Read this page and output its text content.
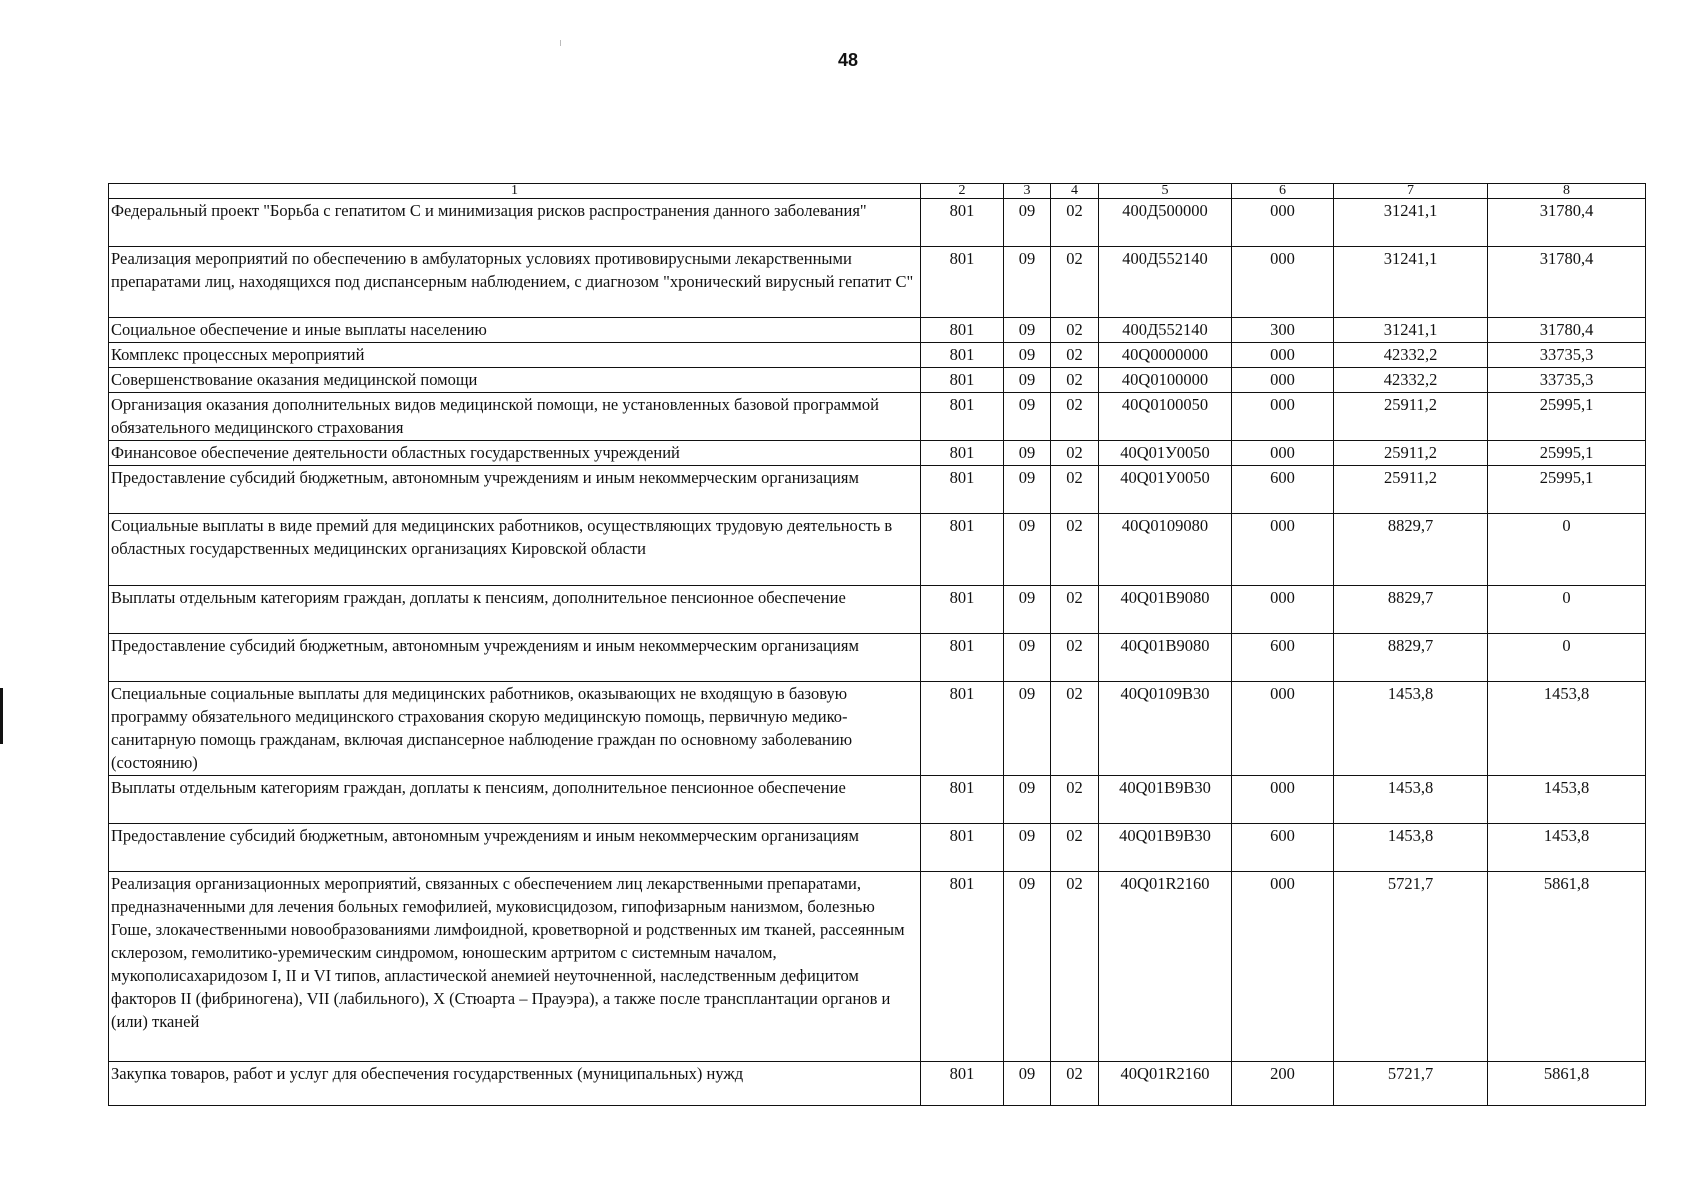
48
1	2	3	4	5	6	7	8
Федеральный проект "Борьба с гепатитом С и минимизация рисков распространения данного заболевания"	801	09	02	400Д500000	000	31241,1	31780,4
Реализация мероприятий по обеспечению в амбулаторных условиях противовирусными лекарственными препаратами лиц, находящихся под диспансерным наблюдением, с диагнозом "хронический вирусный гепатит С"	801	09	02	400Д552140	000	31241,1	31780,4
Социальное обеспечение и иные выплаты населению	801	09	02	400Д552140	300	31241,1	31780,4
Комплекс процессных мероприятий	801	09	02	40Q0000000	000	42332,2	33735,3
Совершенствование оказания медицинской помощи	801	09	02	40Q0100000	000	42332,2	33735,3
Организация оказания дополнительных видов медицинской помощи, не установленных базовой программой обязательного медицинского страхования	801	09	02	40Q0100050	000	25911,2	25995,1
Финансовое обеспечение деятельности областных государственных учреждений	801	09	02	40Q01У0050	000	25911,2	25995,1
Предоставление субсидий бюджетным, автономным учреждениям и иным некоммерческим организациям	801	09	02	40Q01У0050	600	25911,2	25995,1
Социальные выплаты в виде премий для медицинских работников, осуществляющих трудовую деятельность в областных государственных медицинских организациях Кировской области	801	09	02	40Q0109080	000	8829,7	0
Выплаты отдельным категориям граждан, доплаты к пенсиям, дополнительное пенсионное обеспечение	801	09	02	40Q01B9080	000	8829,7	0
Предоставление субсидий бюджетным, автономным учреждениям и иным некоммерческим организациям	801	09	02	40Q01B9080	600	8829,7	0
Специальные социальные выплаты для медицинских работников, оказывающих не входящую в базовую программу обязательного медицинского страхования скорую медицинскую помощь, первичную медико-санитарную помощь гражданам, включая диспансерное наблюдение граждан по основному заболеванию (состоянию)	801	09	02	40Q0109B30	000	1453,8	1453,8
Выплаты отдельным категориям граждан, доплаты к пенсиям, дополнительное пенсионное обеспечение	801	09	02	40Q01B9B30	000	1453,8	1453,8
Предоставление субсидий бюджетным, автономным учреждениям и иным некоммерческим организациям	801	09	02	40Q01B9B30	600	1453,8	1453,8
Реализация организационных мероприятий, связанных с обеспечением лиц лекарственными препаратами, предназначенными для лечения больных гемофилией, муковисцидозом, гипофизарным нанизмом, болезнью Гоше, злокачественными новообразованиями лимфоидной, кроветворной и родственных им тканей, рассеянным склерозом, гемолитико-уремическим синдромом, юношеским артритом с системным началом, мукополисахаридозом I, II и VI типов, апластической анемией неуточненной, наследственным дефицитом факторов II (фибриногена), VII (лабильного), X (Стюарта – Прауэра), а также после трансплантации органов и (или) тканей	801	09	02	40Q01R2160	000	5721,7	5861,8
Закупка товаров, работ и услуг для обеспечения государственных (муниципальных) нужд	801	09	02	40Q01R2160	200	5721,7	5861,8
